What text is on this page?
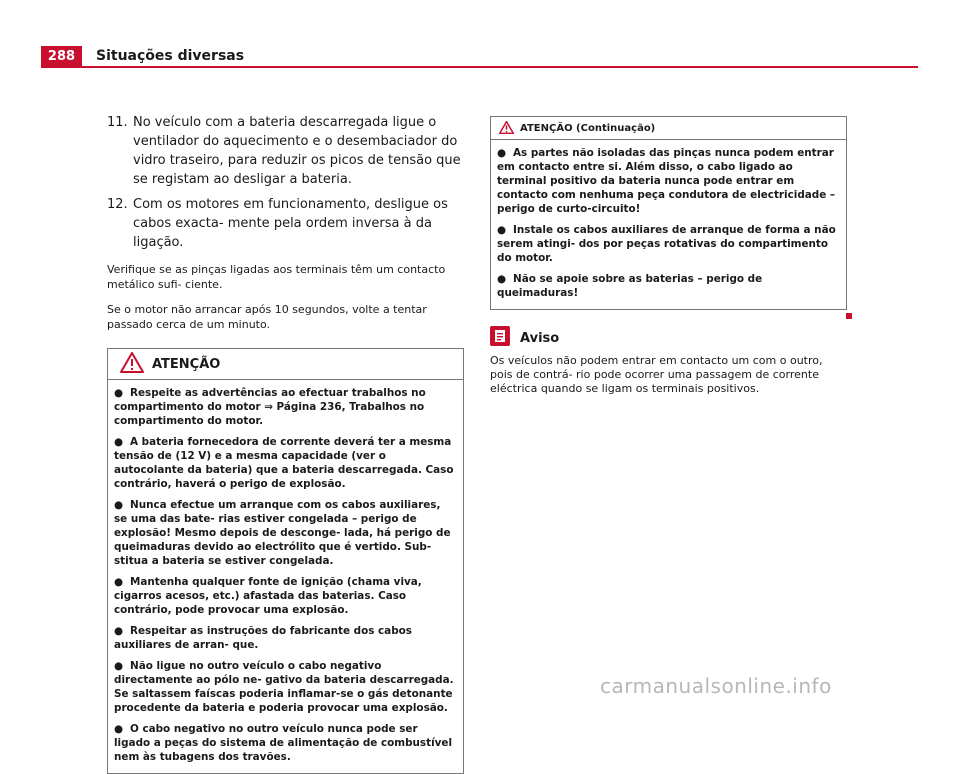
288	Situações diversas
11. No veículo com a bateria descarregada ligue o ventilador do aquecimento e o desembaciador do vidro traseiro, para reduzir os picos de tensão que se registam ao desligar a bateria.
12. Com os motores em funcionamento, desligue os cabos exacta- mente pela ordem inversa à da ligação.

Verifique se as pinças ligadas aos terminais têm um contacto metálico sufi- ciente.

Se o motor não arrancar após 10 segundos, volte a tentar passado cerca de um minuto.

ATENÇÃO
● Respeite as advertências ao efectuar trabalhos no compartimento do motor ⇒ Página 236, Trabalhos no compartimento do motor.
● A bateria fornecedora de corrente deverá ter a mesma tensão de (12 V) e a mesma capacidade (ver o autocolante da bateria) que a bateria descarregada. Caso contrário, haverá o perigo de explosão.
● Nunca efectue um arranque com os cabos auxiliares, se uma das bate- rias estiver congelada – perigo de explosão! Mesmo depois de desconge- lada, há perigo de queimaduras devido ao electrólito que é vertido. Sub- stitua a bateria se estiver congelada.
● Mantenha qualquer fonte de ignição (chama viva, cigarros acesos, etc.) afastada das baterias. Caso contrário, pode provocar uma explosão.
● Respeitar as instruções do fabricante dos cabos auxiliares de arran- que.
● Não ligue no outro veículo o cabo negativo directamente ao pólo ne- gativo da bateria descarregada. Se saltassem faíscas poderia inflamar-se o gás detonante procedente da bateria e poderia provocar uma explosão.
● O cabo negativo no outro veículo nunca pode ser ligado a peças do sistema de alimentação de combustível nem às tubagens dos travões.
ATENÇÃO (Continuação)
● As partes não isoladas das pinças nunca podem entrar em contacto entre si. Além disso, o cabo ligado ao terminal positivo da bateria nunca pode entrar em contacto com nenhuma peça condutora de electricidade – perigo de curto-circuito!
● Instale os cabos auxiliares de arranque de forma a não serem atingi- dos por peças rotativas do compartimento do motor.
● Não se apoie sobre as baterias – perigo de queimaduras!
Aviso
Os veículos não podem entrar em contacto um com o outro, pois de contrá- rio pode ocorrer uma passagem de corrente eléctrica quando se ligam os terminais positivos.
carmanualsonline.info
